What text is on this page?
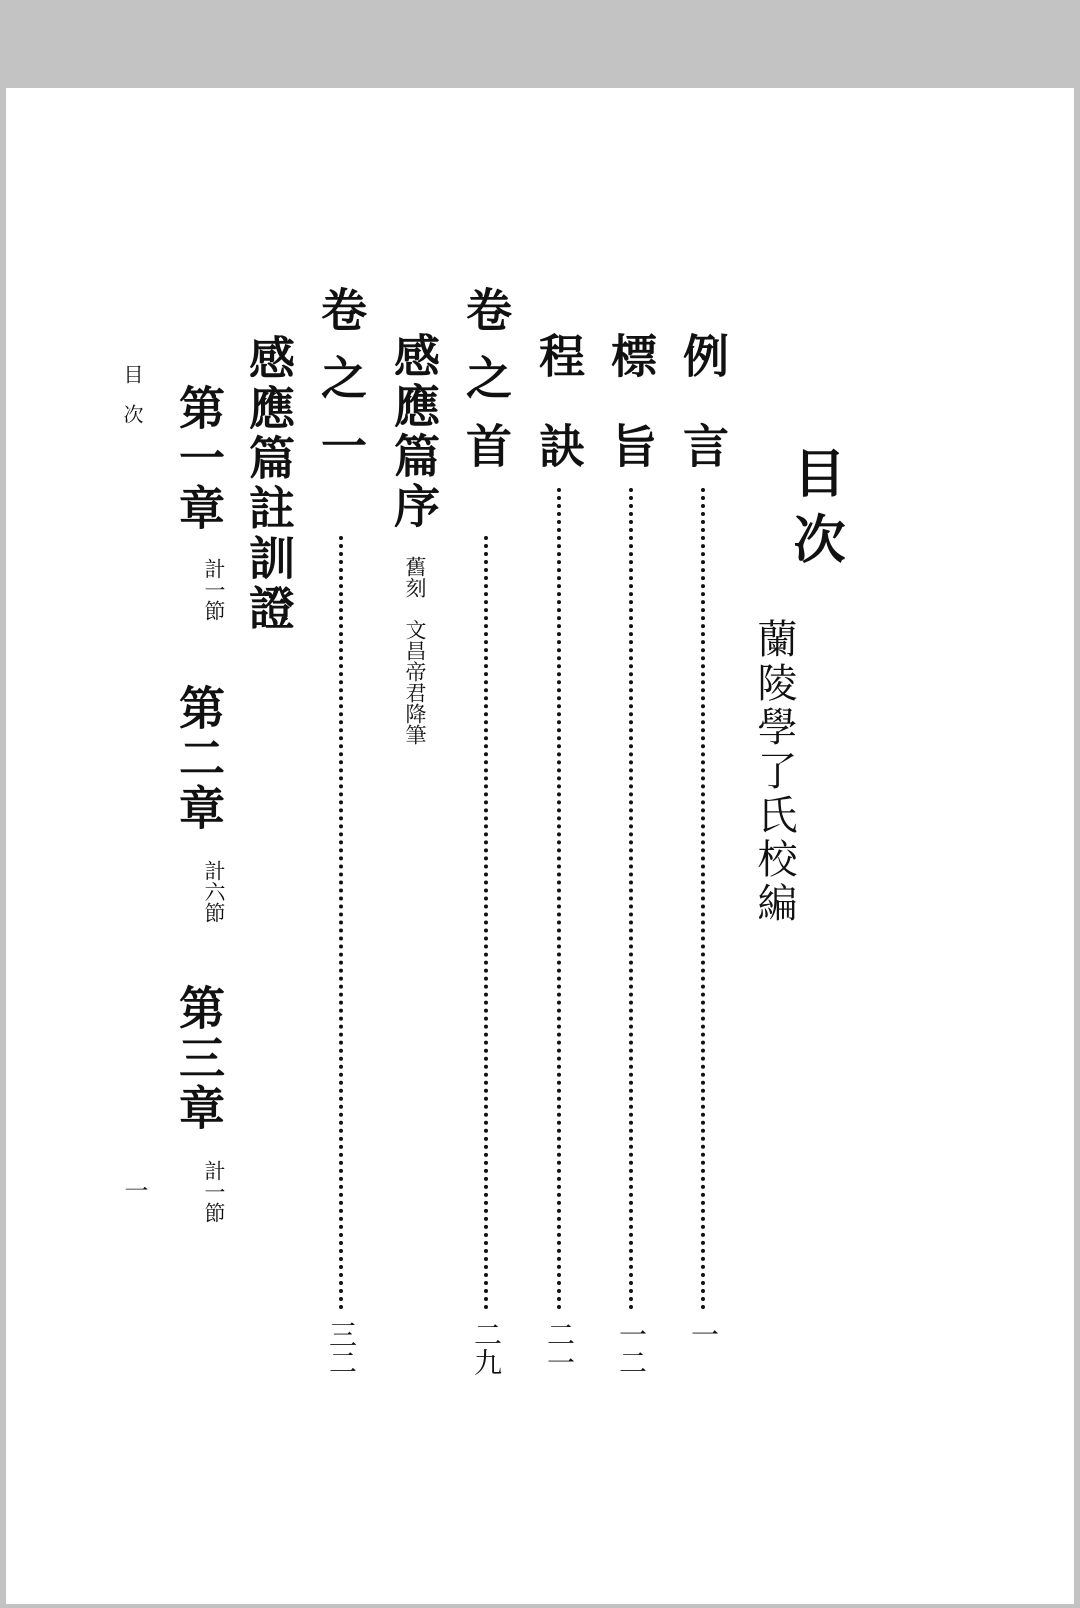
目次
蘭陵學了氏校編
例言
一
標旨
一二
程訣
二一
卷之首
二九
感應篇序
舊刻　文昌帝君降筆
卷之一
三二
感應篇註訓證
第一章
計一節
第二章
計六節
第三章
計一節
目　次
一
